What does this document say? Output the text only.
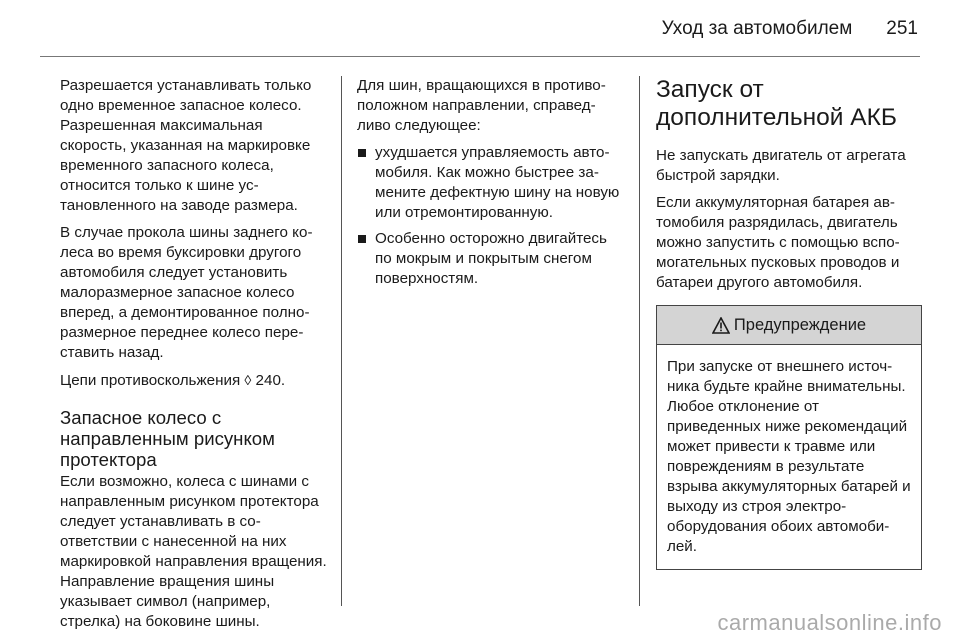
Уход за автомобилем 251

Разрешается устанавливать только одно временное запасное колесо. Разрешенная максимальная скорость, указанная на маркировке временного запасного колеса, относится только к шине установленного на заводе размера.

В случае прокола шины заднего колеса во время буксировки другого автомобиля следует установить малоразмерное запасное колесо вперед, а демонтированное полноразмерное переднее колесо переставить назад.

Цепи противоскольжения ◊ 240.

Запасное колесо с направленным рисунком протектора

Если возможно, колеса с шинами с направленным рисунком протектора следует устанавливать в соответствии с нанесенной на них маркировкой направления вращения. Направление вращения шины указывает символ (например, стрелка) на боковине шины.

Для шин, вращающихся в противоположном направлении, справедливо следующее:

ухудшается управляемость автомобиля. Как можно быстрее замените дефектную шину на новую или отремонтированную.
Особенно осторожно двигайтесь по мокрым и покрытым снегом поверхностям.
Запуск от дополнительной АКБ

Не запускать двигатель от агрегата быстрой зарядки.

Если аккумуляторная батарея автомобиля разрядилась, двигатель можно запустить с помощью вспомогательных пусковых проводов и батареи другого автомобиля.

Предупреждение
При запуске от внешнего источника будьте крайне внимательны. Любое отклонение от приведенных ниже рекомендаций может привести к травме или повреждениям в результате взрыва аккумуляторных батарей и выходу из строя электрооборудования обоих автомобилей.
carmanualsonline.info
